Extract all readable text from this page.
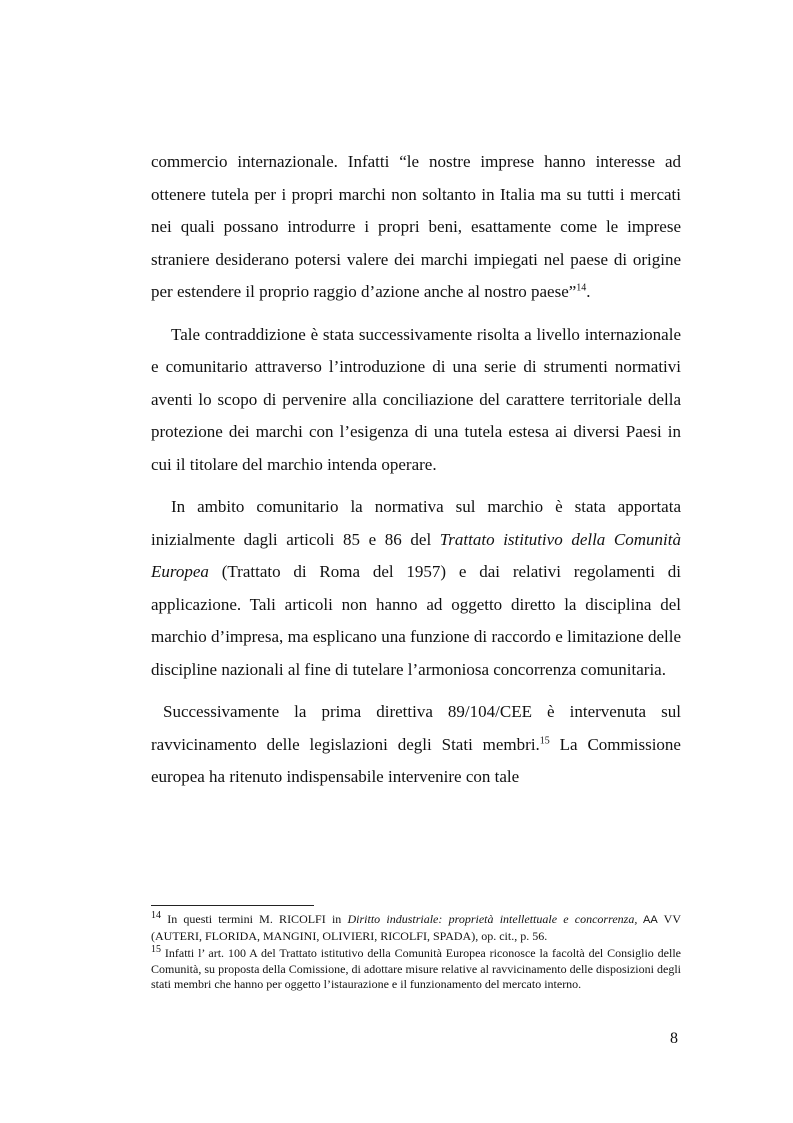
commercio internazionale. Infatti “le nostre imprese hanno interesse ad ottenere tutela per i propri marchi non soltanto in Italia ma su tutti i mercati nei quali possano introdurre i propri beni, esattamente come le imprese straniere desiderano potersi valere dei marchi impiegati nel paese di origine per estendere il proprio raggio d’azione anche al nostro paese”$^{14}$.

Tale contraddizione è stata successivamente risolta a livello internazionale e comunitario attraverso l’introduzione di una serie di strumenti normativi aventi lo scopo di pervenire alla conciliazione del carattere territoriale della protezione dei marchi con l’esigenza di una tutela estesa ai diversi Paesi in cui il titolare del marchio intenda operare.

In ambito comunitario la normativa sul marchio è stata apportata inizialmente dagli articoli 85 e 86 del Trattato istitutivo della Comunità Europea (Trattato di Roma del 1957) e dai relativi regolamenti di applicazione. Tali articoli non hanno ad oggetto diretto la disciplina del marchio d’impresa, ma esplicano una funzione di raccordo e limitazione delle discipline nazionali al fine di tutelare l’armoniosa concorrenza comunitaria.

Successivamente la prima direttiva 89/104/CEE è intervenuta sul ravvicinamento delle legislazioni degli Stati membri.$^{15}$ La Commissione europea ha ritenuto indispensabile intervenire con tale

$^{14}$ In questi termini M. RICOLFI in Diritto industriale: proprietà intellettuale e concorrenza, AA VV (AUTERI, FLORIDA, MANGINI, OLIVIERI, RICOLFI, SPADA), op. cit., p. 56.

$^{15}$ Infatti l’ art. 100 A del Trattato istitutivo della Comunità Europea riconosce la facoltà del Consiglio delle Comunità, su proposta della Comissione, di adottare misure relative al ravvicinamento delle disposizioni degli stati membri che hanno per oggetto l’istaurazione e il funzionamento del mercato interno.

8
